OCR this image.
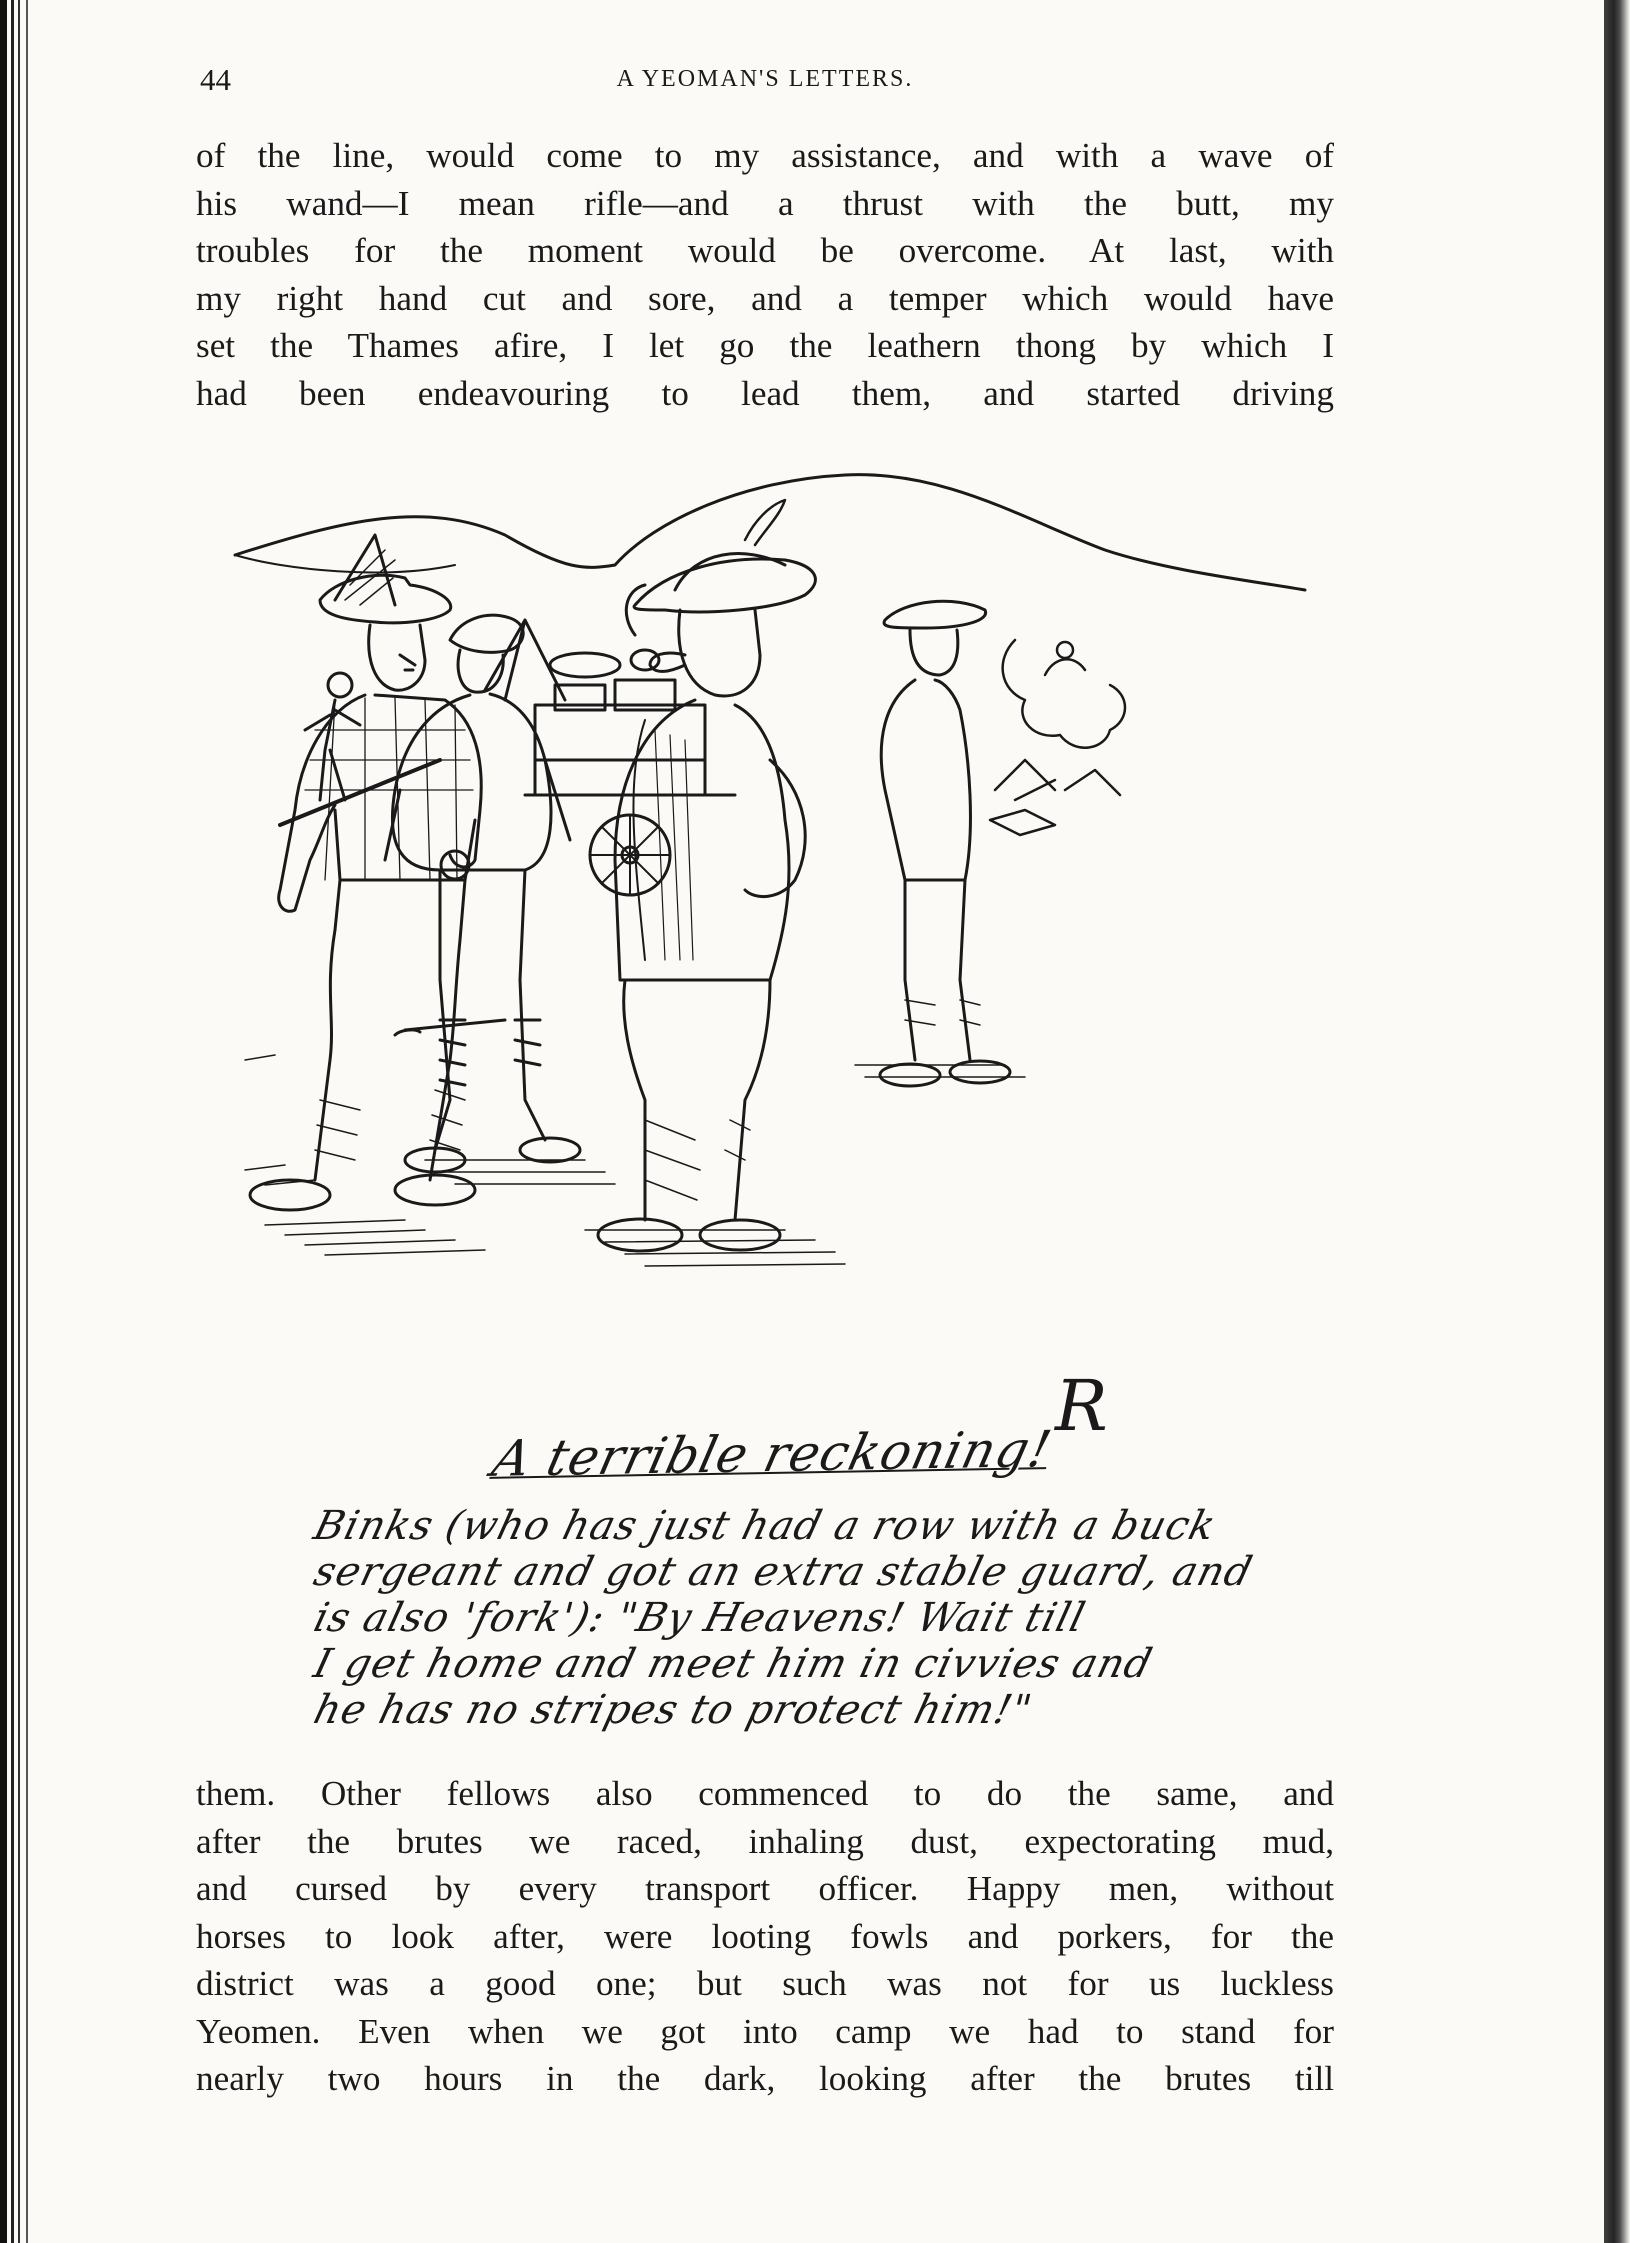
44	A YEOMAN'S LETTERS.
of the line, would come to my assistance, and with a wave of
his wand—I mean rifle—and a thrust with the butt, my
troubles for the moment would be overcome. At last, with
my right hand cut and sore, and a temper which would have
set the Thames afire, I let go the leathern thong by which I
had been endeavouring to lead them, and started driving
R
A terrible reckoning!
Binks (who has just had a row with a buck
sergeant and got an extra stable guard, and
is also 'fork'): "By Heavens! Wait till
I get home and meet him in civvies and
he has no stripes to protect him!"
them. Other fellows also commenced to do the same, and
after the brutes we raced, inhaling dust, expectorating mud,
and cursed by every transport officer. Happy men, without
horses to look after, were looting fowls and porkers, for the
district was a good one; but such was not for us luckless
Yeomen. Even when we got into camp we had to stand for
nearly two hours in the dark, looking after the brutes till
